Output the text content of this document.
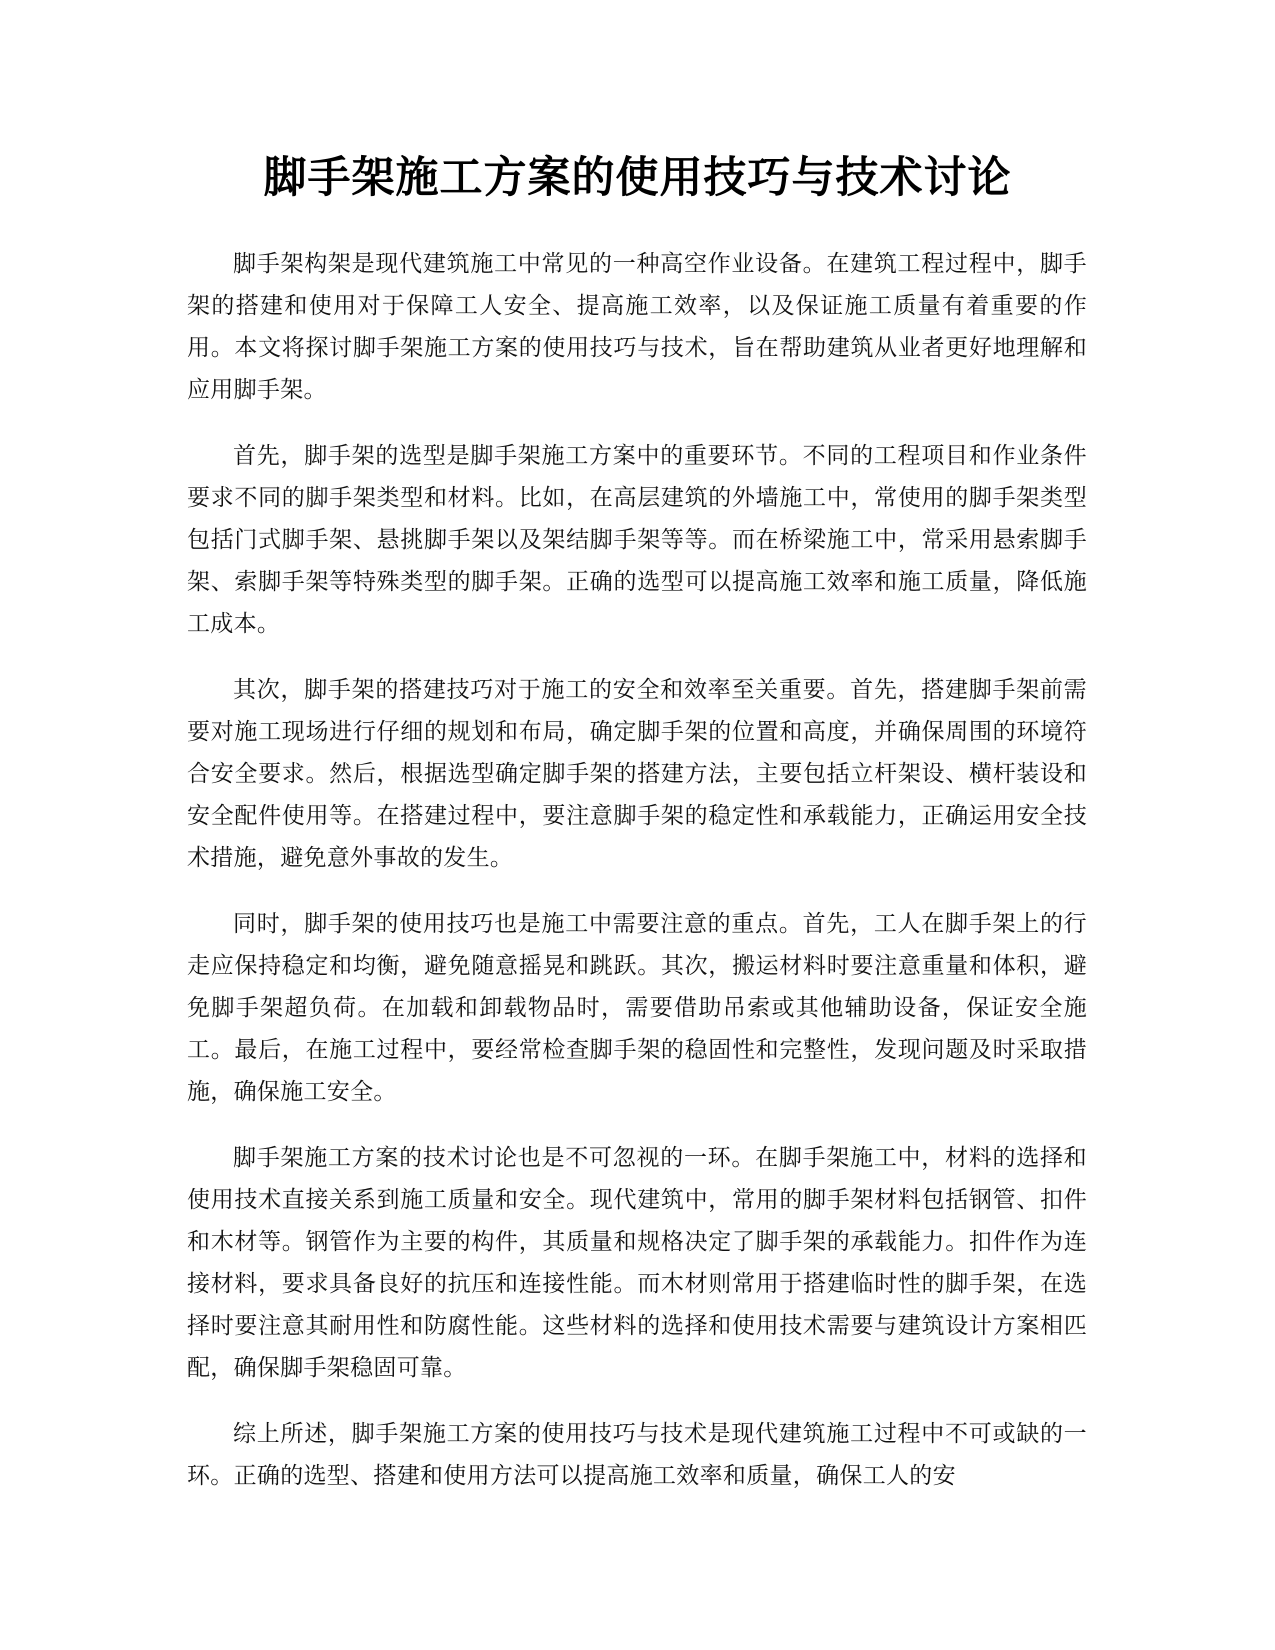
脚手架施工方案的使用技巧与技术讨论

脚手架构架是现代建筑施工中常见的一种高空作业设备。在建筑工程过程中，脚手架的搭建和使用对于保障工人安全、提高施工效率，以及保证施工质量有着重要的作用。本文将探讨脚手架施工方案的使用技巧与技术，旨在帮助建筑从业者更好地理解和应用脚手架。

首先，脚手架的选型是脚手架施工方案中的重要环节。不同的工程项目和作业条件要求不同的脚手架类型和材料。比如，在高层建筑的外墙施工中，常使用的脚手架类型包括门式脚手架、悬挑脚手架以及架结脚手架等等。而在桥梁施工中，常采用悬索脚手架、索脚手架等特殊类型的脚手架。正确的选型可以提高施工效率和施工质量，降低施工成本。

其次，脚手架的搭建技巧对于施工的安全和效率至关重要。首先，搭建脚手架前需要对施工现场进行仔细的规划和布局，确定脚手架的位置和高度，并确保周围的环境符合安全要求。然后，根据选型确定脚手架的搭建方法，主要包括立杆架设、横杆装设和安全配件使用等。在搭建过程中，要注意脚手架的稳定性和承载能力，正确运用安全技术措施，避免意外事故的发生。

同时，脚手架的使用技巧也是施工中需要注意的重点。首先，工人在脚手架上的行走应保持稳定和均衡，避免随意摇晃和跳跃。其次，搬运材料时要注意重量和体积，避免脚手架超负荷。在加载和卸载物品时，需要借助吊索或其他辅助设备，保证安全施工。最后，在施工过程中，要经常检查脚手架的稳固性和完整性，发现问题及时采取措施，确保施工安全。

脚手架施工方案的技术讨论也是不可忽视的一环。在脚手架施工中，材料的选择和使用技术直接关系到施工质量和安全。现代建筑中，常用的脚手架材料包括钢管、扣件和木材等。钢管作为主要的构件，其质量和规格决定了脚手架的承载能力。扣件作为连接材料，要求具备良好的抗压和连接性能。而木材则常用于搭建临时性的脚手架，在选择时要注意其耐用性和防腐性能。这些材料的选择和使用技术需要与建筑设计方案相匹配，确保脚手架稳固可靠。

综上所述，脚手架施工方案的使用技巧与技术是现代建筑施工过程中不可或缺的一环。正确的选型、搭建和使用方法可以提高施工效率和质量，确保工人的安
